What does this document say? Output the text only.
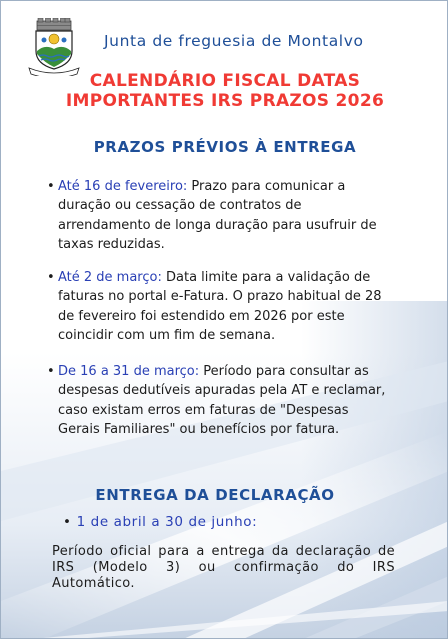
Junta de freguesia de Montalvo
CALENDÁRIO FISCAL DATAS
IMPORTANTES IRS PRAZOS 2026
PRAZOS PRÉVIOS À ENTREGA
• Até 16 de fevereiro: Prazo para comunicar a duração ou cessação de contratos de arrendamento de longa duração para usufruir de taxas reduzidas.
• Até 2 de março: Data limite para a validação de faturas no portal e-Fatura. O prazo habitual de 28 de fevereiro foi estendido em 2026 por este coincidir com um fim de semana.
• De 16 a 31 de março: Período para consultar as despesas dedutíveis apuradas pela AT e reclamar, caso existam erros em faturas de "Despesas Gerais Familiares" ou benefícios por fatura.
ENTREGA DA DECLARAÇÃO
• 1 de abril a 30 de junho:
Período oficial para a entrega da declaração de IRS (Modelo 3) ou confirmação do IRS Automático.
